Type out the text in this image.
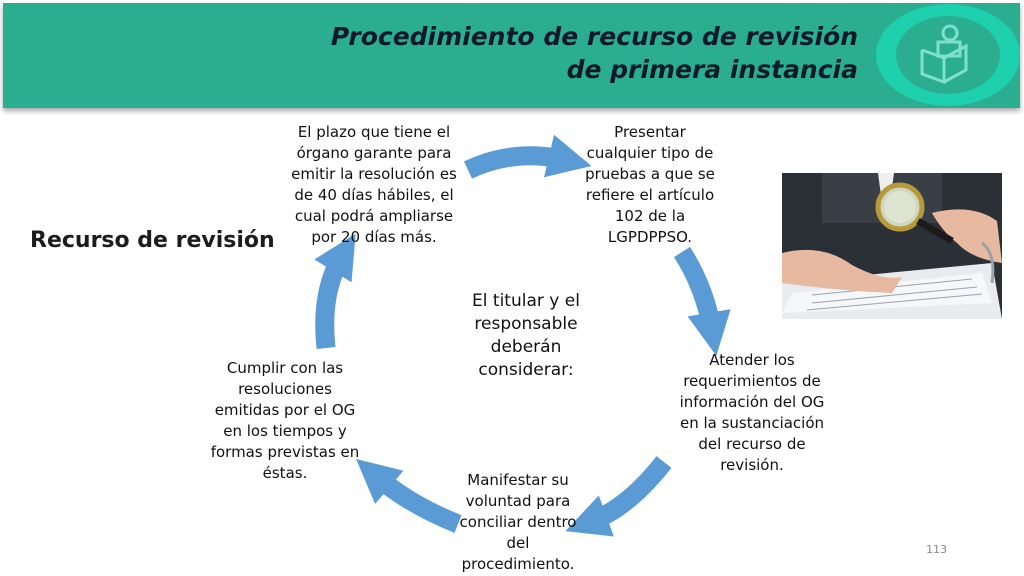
Procedimiento de recurso de revisión
de primera instancia
Recurso de revisión
El plazo que tiene el órgano garante para emitir la resolución es de 40 días hábiles, el cual podrá ampliarse por 20 días más.
Presentar cualquier tipo de pruebas a que se refiere el artículo 102 de la LGPDPPSO.
Atender los requerimientos de información del OG en la sustanciación del recurso de revisión.
Manifestar su voluntad para conciliar dentro del procedimiento.
Cumplir con las resoluciones emitidas por el OG en los tiempos y formas previstas en éstas.
El titular y el responsable deberán considerar:
113
